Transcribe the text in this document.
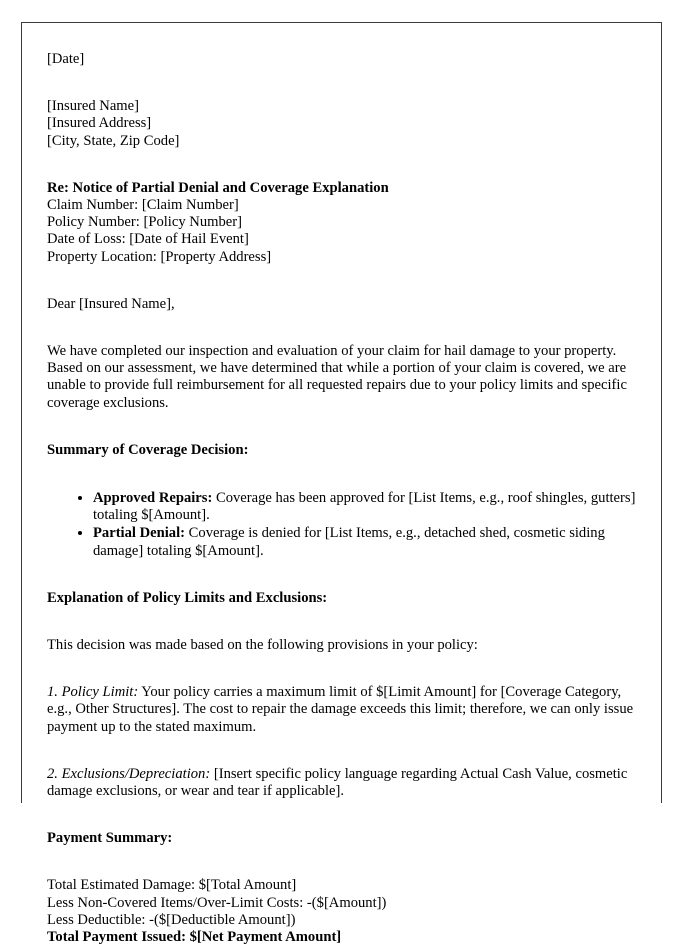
[Date]
[Insured Name]
[Insured Address]
[City, State, Zip Code]
Re: Notice of Partial Denial and Coverage Explanation
Claim Number: [Claim Number]
Policy Number: [Policy Number]
Date of Loss: [Date of Hail Event]
Property Location: [Property Address]

Dear [Insured Name],

We have completed our inspection and evaluation of your claim for hail damage to your property. Based on our assessment, we have determined that while a portion of your claim is covered, we are unable to provide full reimbursement for all requested repairs due to your policy limits and specific coverage exclusions.

Summary of Coverage Decision:
• Approved Repairs: Coverage has been approved for [List Items, e.g., roof shingles, gutters] totaling $[Amount].
• Partial Denial: Coverage is denied for [List Items, e.g., detached shed, cosmetic siding damage] totaling $[Amount].
Explanation of Policy Limits and Exclusions:

This decision was made based on the following provisions in your policy:

1. Policy Limit: Your policy carries a maximum limit of $[Limit Amount] for [Coverage Category, e.g., Other Structures]. The cost to repair the damage exceeds this limit; therefore, we can only issue payment up to the stated maximum.

2. Exclusions/Depreciation: [Insert specific policy language regarding Actual Cash Value, cosmetic damage exclusions, or wear and tear if applicable].

Payment Summary:
Total Estimated Damage: $[Total Amount]
Less Non-Covered Items/Over-Limit Costs: -($[Amount])
Less Deductible: -($[Deductible Amount])
Total Payment Issued: $[Net Payment Amount]
